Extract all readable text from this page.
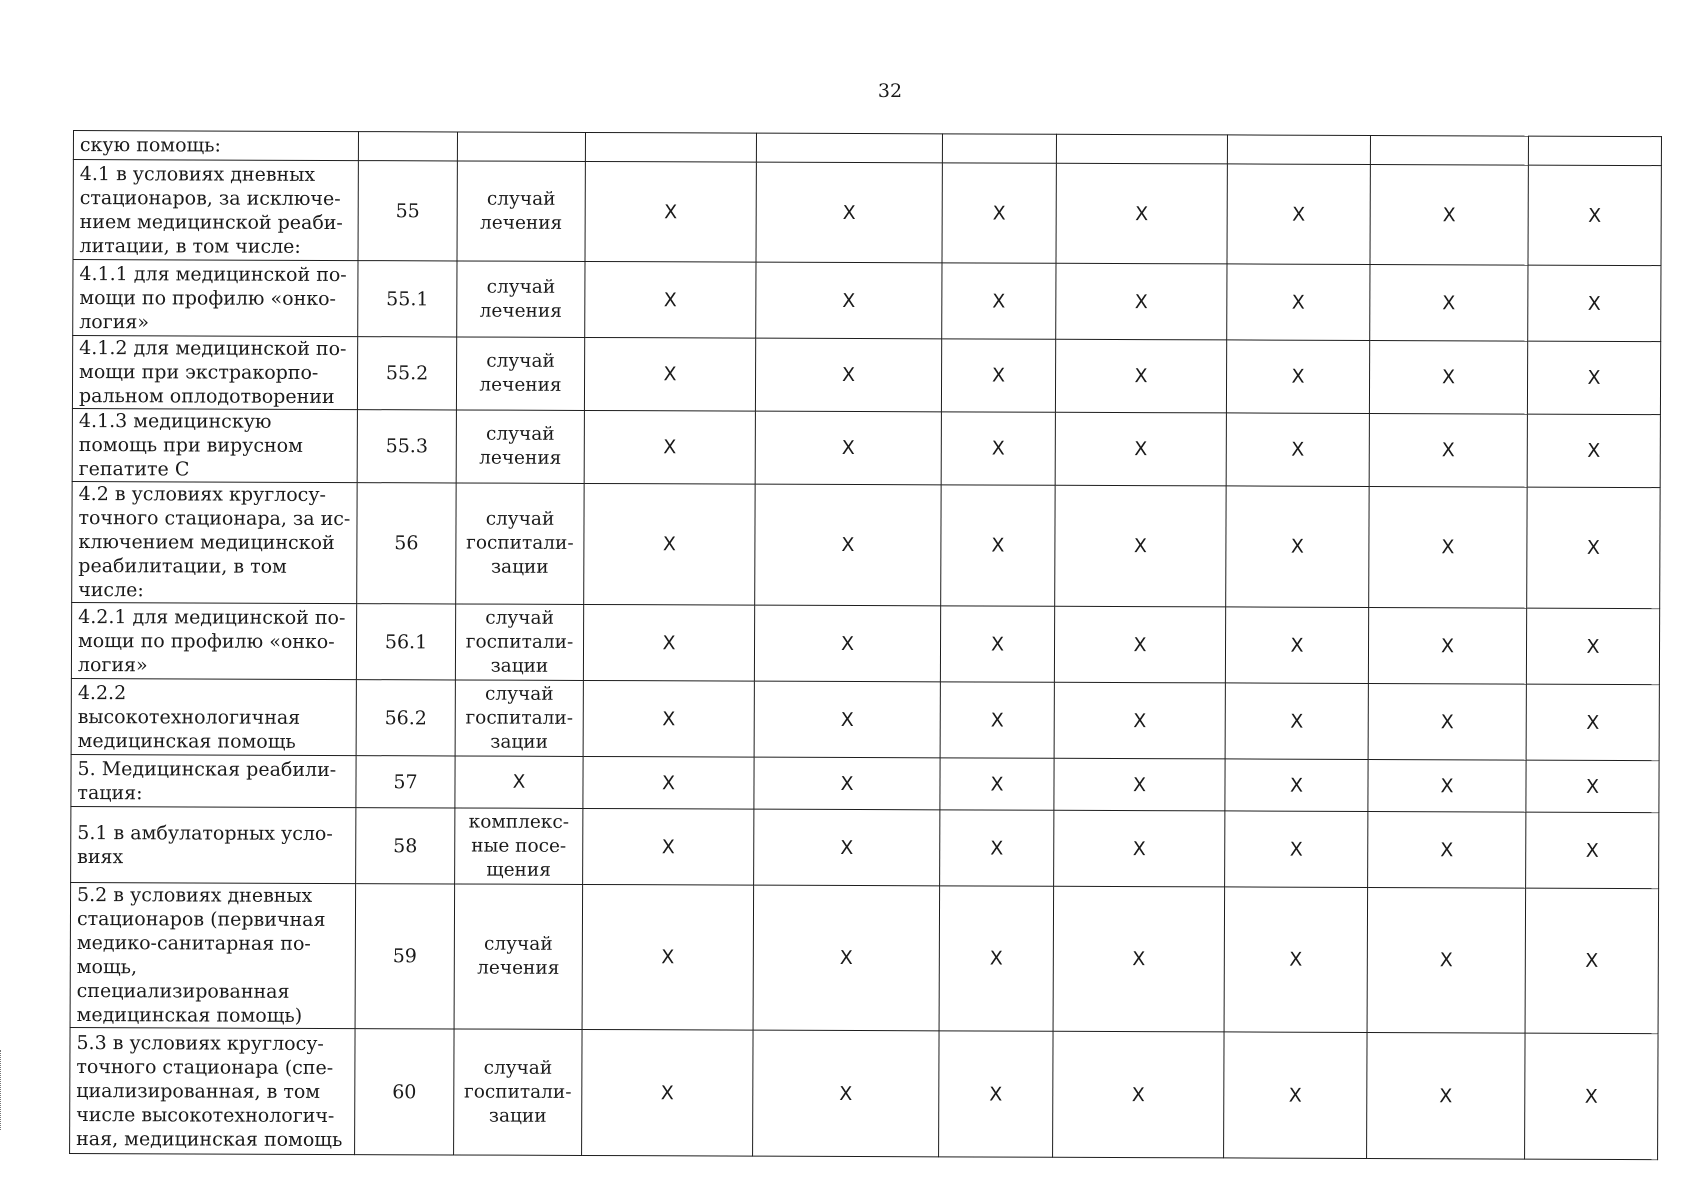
32
скую помощь:									
4.1 в условиях дневных стационаров, за исключе-нием медицинской реаби-литации, в том числе:	55	случай лечения	X	X	X	X	X	X	X
4.1.1 для медицинской по-мощи по профилю «онко-логия»	55.1	случай лечения	X	X	X	X	X	X	X
4.1.2 для медицинской по-мощи при экстракорпо-ральном оплодотворении	55.2	случай лечения	X	X	X	X	X	X	X
4.1.3 медицинскую помощь при вирусном гепатите С	55.3	случай лечения	X	X	X	X	X	X	X
4.2 в условиях круглосу-точного стационара, за ис-ключением медицинской реабилитации, в том числе:	56	случай госпитали-зации	X	X	X	X	X	X	X
4.2.1 для медицинской по-мощи по профилю «онко-логия»	56.1	случай госпитали-зации	X	X	X	X	X	X	X
4.2.2 высокотехнологичная медицинская помощь	56.2	случай госпитали-зации	X	X	X	X	X	X	X
5. Медицинская реабили-тация:	57	X	X	X	X	X	X	X	X
5.1 в амбулаторных усло-виях	58	комплекс-ные посе-щения	X	X	X	X	X	X	X
5.2 в условиях дневных стационаров (первичная медико-санитарная по-мощь, специализированная медицинская помощь)	59	случай лечения	X	X	X	X	X	X	X
5.3 в условиях круглосу-точного стационара (спе-циализированная, в том числе высокотехнологич-ная, медицинская помощь	60	случай госпитали-зации	X	X	X	X	X	X	X
